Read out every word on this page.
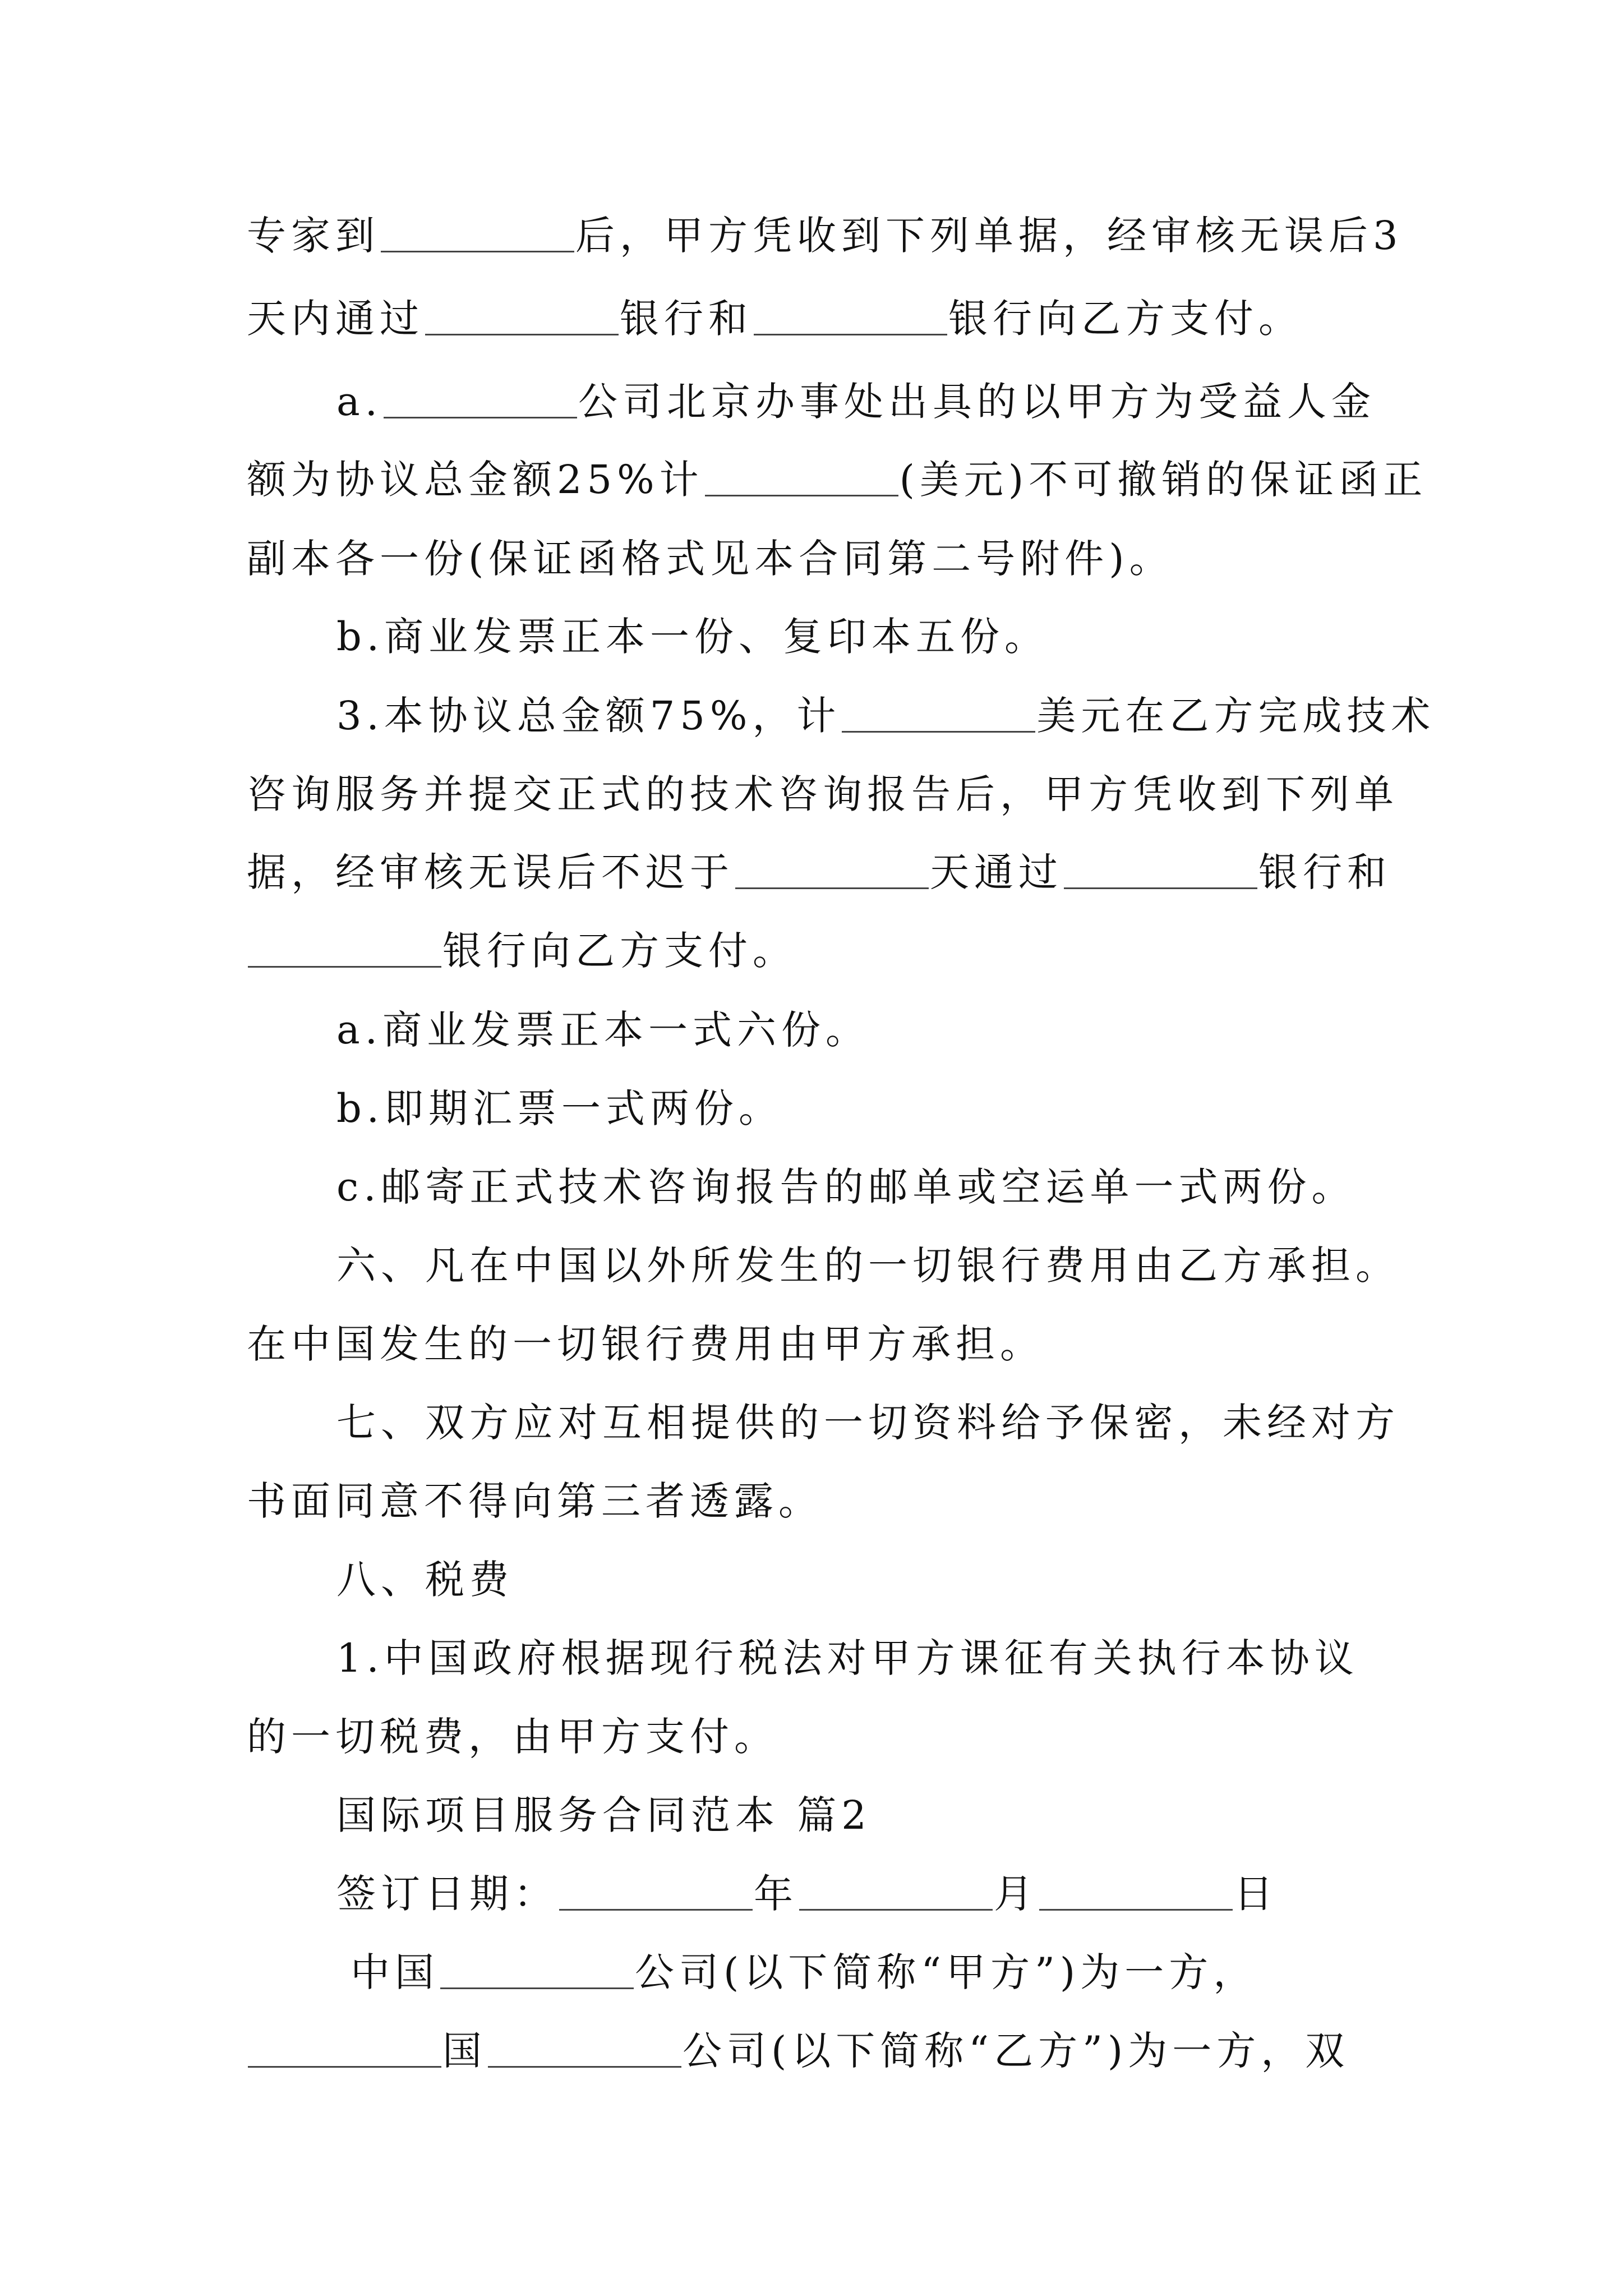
专家到	后，甲方凭收到下列单据，经审核无误后3
天内通过	银行和	银行向乙方支付。
a.	公司北京办事处出具的以甲方为受益人金
额为协议总金额25%计	(美元)不可撤销的保证函正
副本各一份(保证函格式见本合同第二号附件)。
b.商业发票正本一份、复印本五份。
3.本协议总金额75%，计	美元在乙方完成技术
咨询服务并提交正式的技术咨询报告后，甲方凭收到下列单
据，经审核无误后不迟于	天通过	银行和
银行向乙方支付。
a.商业发票正本一式六份。
b.即期汇票一式两份。
c.邮寄正式技术咨询报告的邮单或空运单一式两份。
六、凡在中国以外所发生的一切银行费用由乙方承担。
在中国发生的一切银行费用由甲方承担。
七、双方应对互相提供的一切资料给予保密，未经对方
书面同意不得向第三者透露。
八、税费
1.中国政府根据现行税法对甲方课征有关执行本协议
的一切税费，由甲方支付。
国际项目服务合同范本 篇2
签订日期：	年	月	日
中国	公司(以下简称“甲方”)为一方，
国	公司(以下简称“乙方”)为一方，双
